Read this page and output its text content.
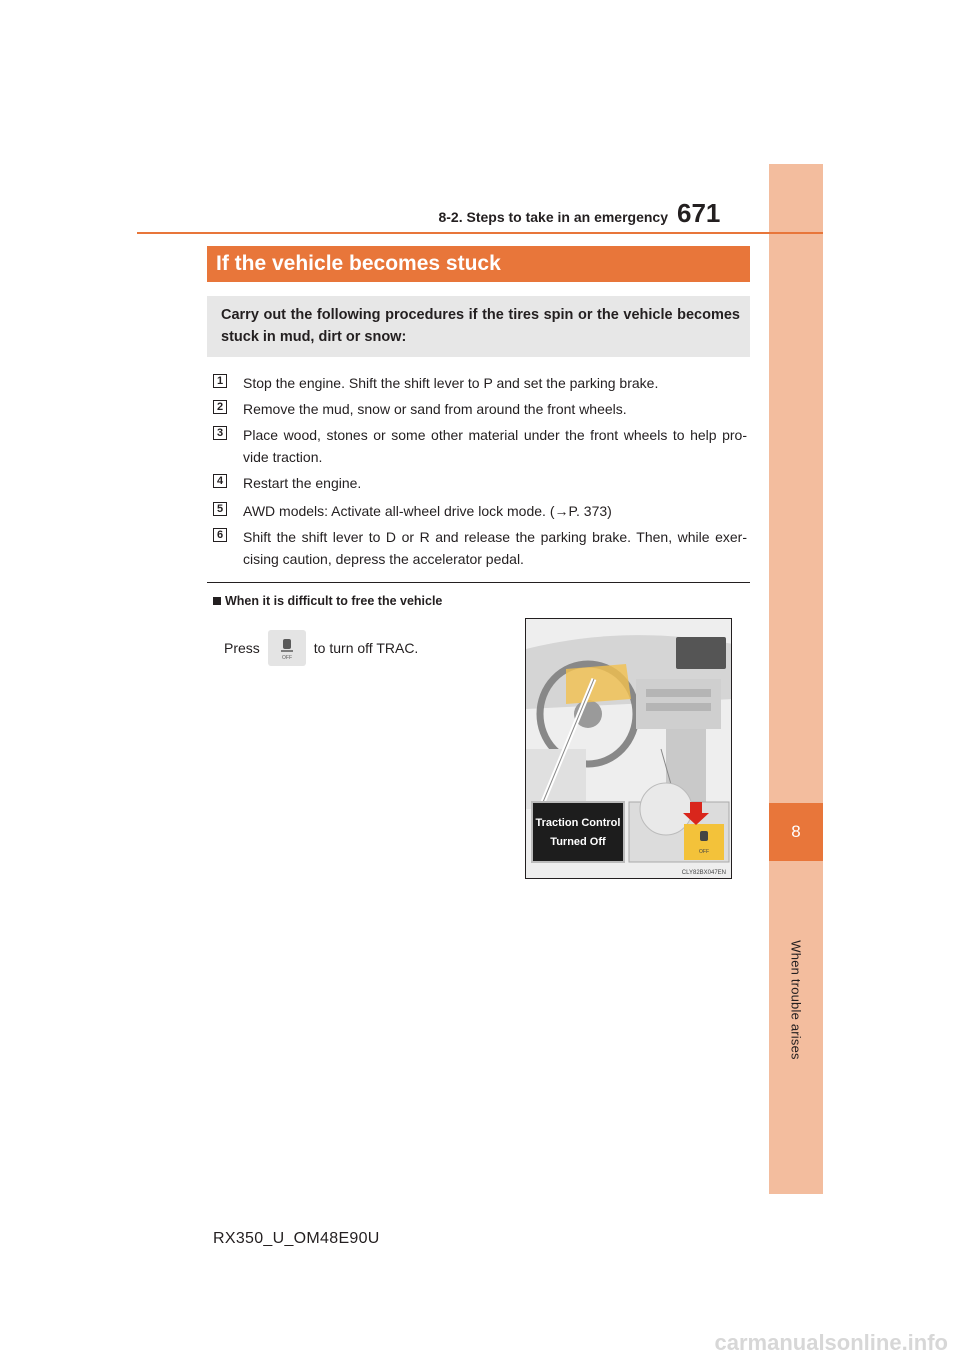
8
When trouble arises
8-2. Steps to take in an emergency 671
If the vehicle becomes stuck
Carry out the following procedures if the tires spin or the vehicle becomes stuck in mud, dirt or snow:
1 Stop the engine. Shift the shift lever to P and set the parking brake.
2 Remove the mud, snow or sand from around the front wheels.
3 Place wood, stones or some other material under the front wheels to help pro-vide traction.
4 Restart the engine.
5 AWD models: Activate all-wheel drive lock mode. (→P. 373)
6 Shift the shift lever to D or R and release the parking brake. Then, while exer-cising caution, depress the accelerator pedal.
When it is difficult to free the vehicle
Press
OFF
to turn off TRAC.
Traction Control
Turned Off
OFF
CLY82BX047EN
RX350_U_OM48E90U
carmanualsonline.info
